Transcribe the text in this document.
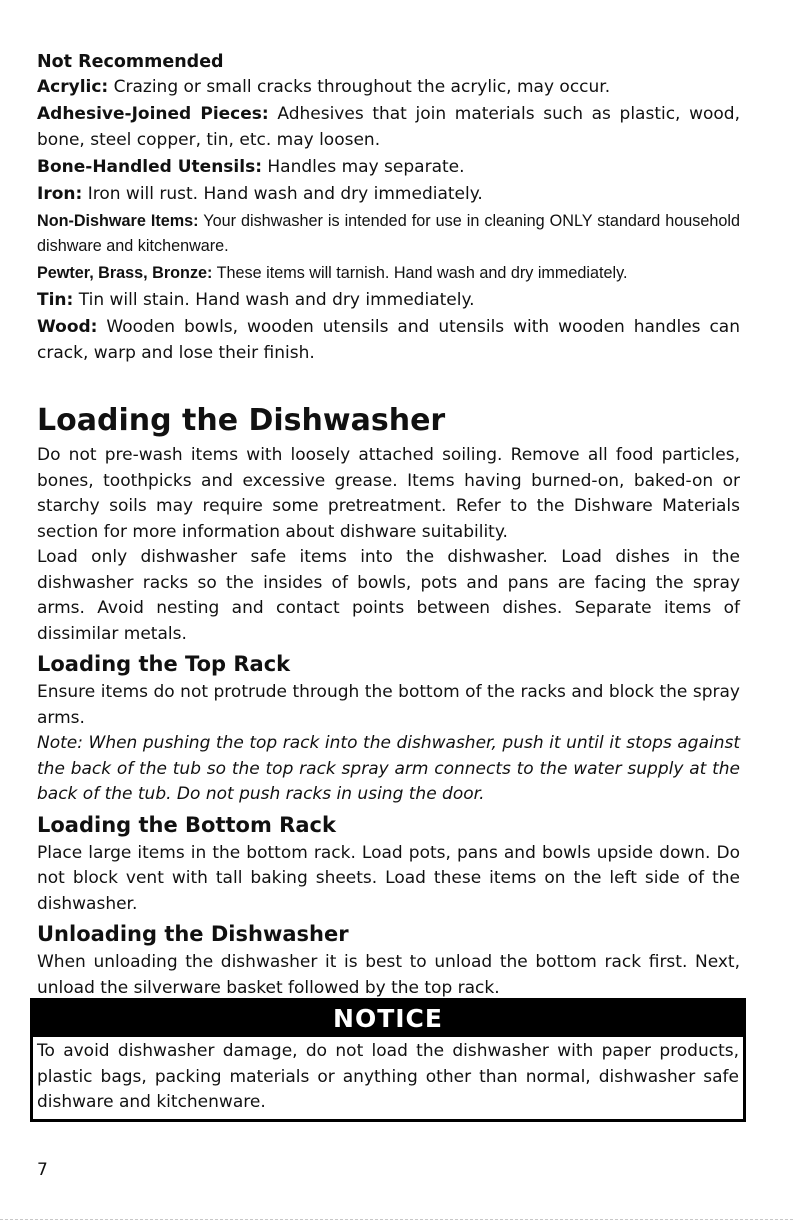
Not Recommended

Acrylic: Crazing or small cracks throughout the acrylic, may occur.

Adhesive-Joined Pieces: Adhesives that join materials such as plastic, wood, bone, steel copper, tin, etc. may loosen.

Bone-Handled Utensils: Handles may separate.

Iron: Iron will rust. Hand wash and dry immediately.

Non-Dishware Items: Your dishwasher is intended for use in cleaning ONLY standard household dishware and kitchenware.

Pewter, Brass, Bronze: These items will tarnish. Hand wash and dry immediately.

Tin: Tin will stain. Hand wash and dry immediately.

Wood: Wooden bowls, wooden utensils and utensils with wooden handles can crack, warp and lose their finish.

Loading the Dishwasher

Do not pre-wash items with loosely attached soiling. Remove all food particles, bones, toothpicks and excessive grease. Items having burned-on, baked-on or starchy soils may require some pretreatment. Refer to the Dishware Materials section for more information about dishware suitability.

Load only dishwasher safe items into the dishwasher. Load dishes in the dishwasher racks so the insides of bowls, pots and pans are facing the spray arms. Avoid nesting and contact points between dishes. Separate items of dissimilar metals.

Loading the Top Rack

Ensure items do not protrude through the bottom of the racks and block the spray arms.

Note: When pushing the top rack into the dishwasher, push it until it stops against the back of the tub so the top rack spray arm connects to the water supply at the back of the tub. Do not push racks in using the door.

Loading the Bottom Rack

Place large items in the bottom rack. Load pots, pans and bowls upside down. Do not block vent with tall baking sheets. Load these items on the left side of the dishwasher.

Unloading the Dishwasher

When unloading the dishwasher it is best to unload the bottom rack first. Next, unload the silverware basket followed by the top rack.

NOTICE
To avoid dishwasher damage, do not load the dishwasher with paper products, plastic bags, packing materials or anything other than normal, dishwasher safe dishware and kitchenware.
7
